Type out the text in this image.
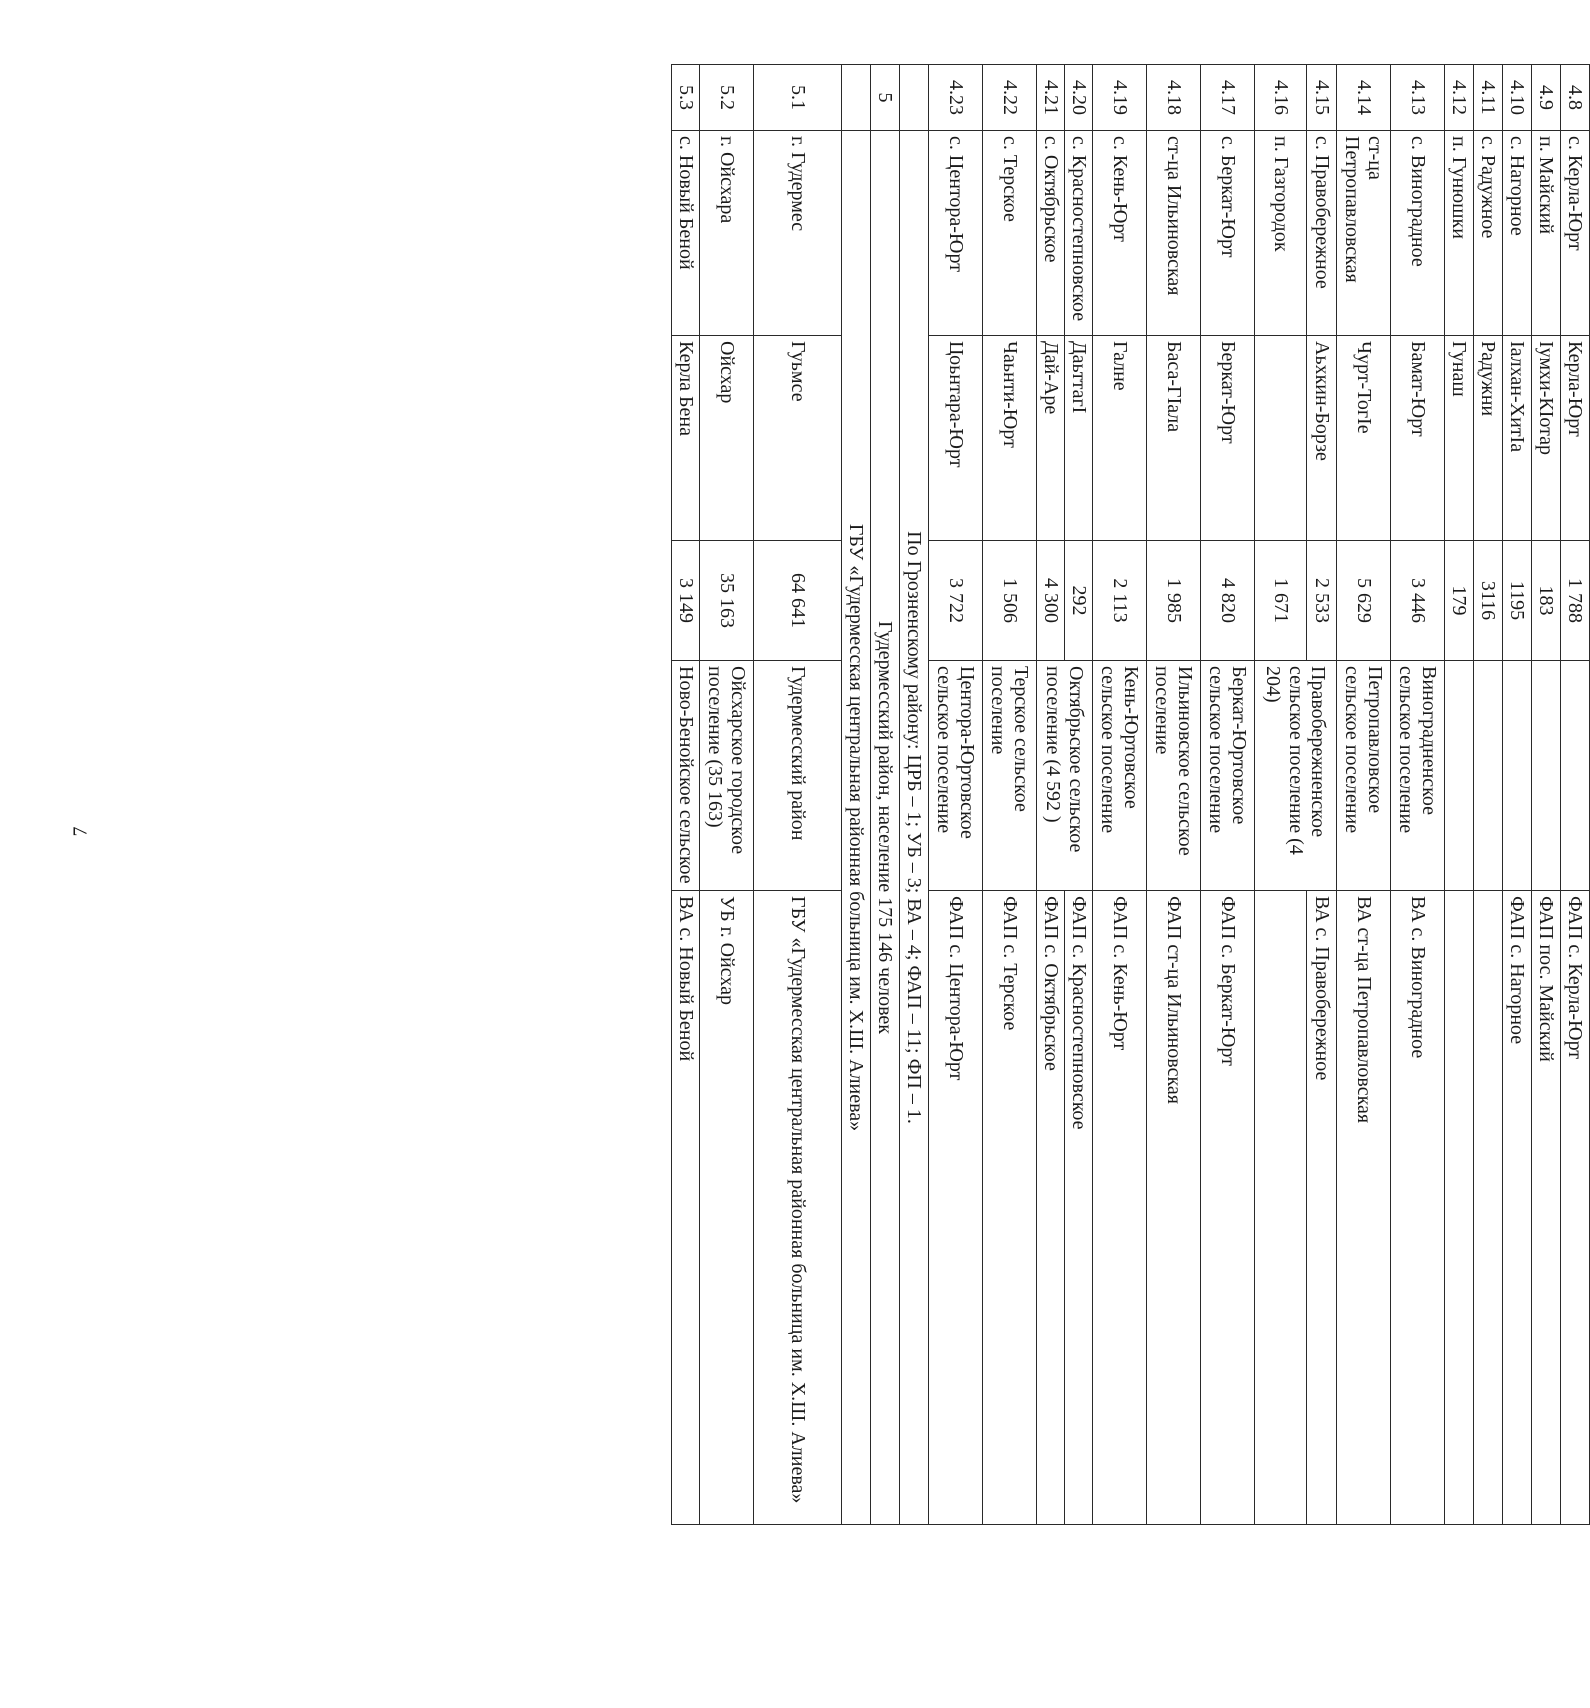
7
4.8	с. Керла-Юрт	Керла-Юрт	1 788		ФАП с. Керла-Юрт
4.9	п. Майский	Іумхи-КІотар	183		ФАП пос. Майский
4.10	с. Нагорное	Іалхан-ХитІа	1195		ФАП с. Нагорное
4.11	с. Радужное	Радужни	3116		
4.12	п. Гунюшки	Гунаш	179		
4.13	с. Виноградное	Бамат-Юрт	3 446	Виноградненское сельское поселение	ВА с. Виноградное
4.14	ст-ца Петропавловская	Чурт-ТогІе	5 629	Петропавловское сельское поселение	ВА ст-ца Петропавловская
4.15	с. Правобережное	Аьхкин-Борзе	2 533	Правобережненское сельское поселение (4 204)	ВА с. Правобережное
4.16	п. Газгородок		1 671		
4.17	с. Беркат-Юрт	Беркат-Юрт	4 820	Беркат-Юртовское сельское поселение	ФАП с. Беркат-Юрт
4.18	ст-ца Ильиновская	Баса-ГІала	1 985	Ильиновское сельское поселение	ФАП ст-ца Ильиновская
4.19	с. Кень-Юрт	Галне	2 113	Кень-Юртовское сельское поселение	ФАП с. Кень-Юрт
4.20	с. Красностепновское	ДаьттагІ	292	Октябрьское сельское поселение (4 592 )	ФАП с. Красностепновское
4.21	с. Октябрьское	Дай-Аре	4 300		ФАП с. Октябрьское
4.22	с. Терское	Чаьнти-Юрт	1 506	Терское сельское поселение	ФАП с. Терское
4.23	с. Центора-Юрт	Цоьнтара-Юрт	3 722	Центора-Юртовское сельское поселение	ФАП с. Центора-Юрт
	По Грозненскому району: ЦРБ – 1; УБ – 3; ВА – 4; ФАП – 11; ФП – 1.				
5	Гудермесский район, население 175 146 человек				
	ГБУ «Гудермесская центральная районная больница им. Х.Ш. Алиева»				
5.1	г. Гудермес	Гуьмсе	64 641	Гудермесский район	ГБУ «Гудермесская центральная районная больница им. Х.Ш. Алиева»
5.2	г. Ойсхара	Ойсхар	35 163	Ойсхарское городское поселение (35 163)	УБ г. Ойсхар
5.3	с. Новый Беной	Керла Бена	3 149	Ново-Бенойское сельское	ВА с. Новый Беной
